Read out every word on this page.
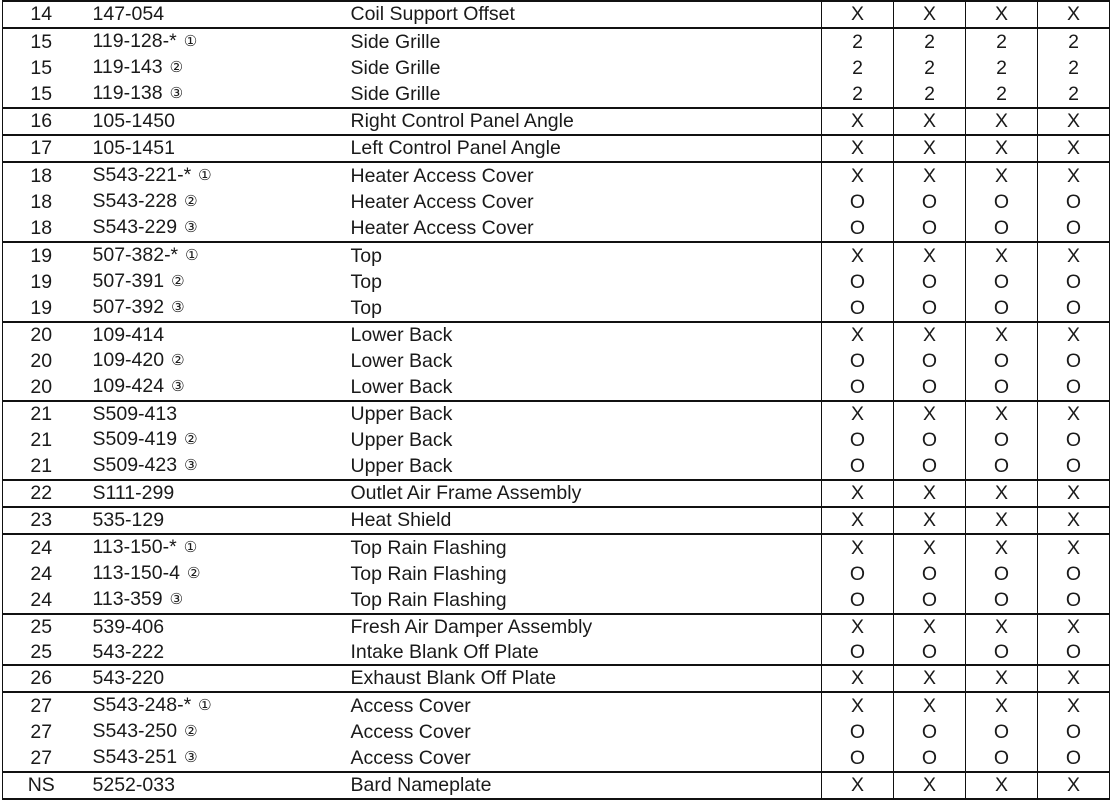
14	147-054	Coil Support Offset	X	X	X	X
15	119-128-* ①	Side Grille	2	2	2	2
15	119-143 ②	Side Grille	2	2	2	2
15	119-138 ③	Side Grille	2	2	2	2
16	105-1450	Right Control Panel Angle	X	X	X	X
17	105-1451	Left Control Panel Angle	X	X	X	X
18	S543-221-* ①	Heater Access Cover	X	X	X	X
18	S543-228 ②	Heater Access Cover	O	O	O	O
18	S543-229 ③	Heater Access Cover	O	O	O	O
19	507-382-* ①	Top	X	X	X	X
19	507-391 ②	Top	O	O	O	O
19	507-392 ③	Top	O	O	O	O
20	109-414	Lower Back	X	X	X	X
20	109-420 ②	Lower Back	O	O	O	O
20	109-424 ③	Lower Back	O	O	O	O
21	S509-413	Upper Back	X	X	X	X
21	S509-419 ②	Upper Back	O	O	O	O
21	S509-423 ③	Upper Back	O	O	O	O
22	S111-299	Outlet Air Frame Assembly	X	X	X	X
23	535-129	Heat Shield	X	X	X	X
24	113-150-* ①	Top Rain Flashing	X	X	X	X
24	113-150-4 ②	Top Rain Flashing	O	O	O	O
24	113-359 ③	Top Rain Flashing	O	O	O	O
25	539-406	Fresh Air Damper Assembly	X	X	X	X
25	543-222	Intake Blank Off Plate	O	O	O	O
26	543-220	Exhaust Blank Off Plate	X	X	X	X
27	S543-248-* ①	Access Cover	X	X	X	X
27	S543-250 ②	Access Cover	O	O	O	O
27	S543-251 ③	Access Cover	O	O	O	O
NS	5252-033	Bard Nameplate	X	X	X	X
